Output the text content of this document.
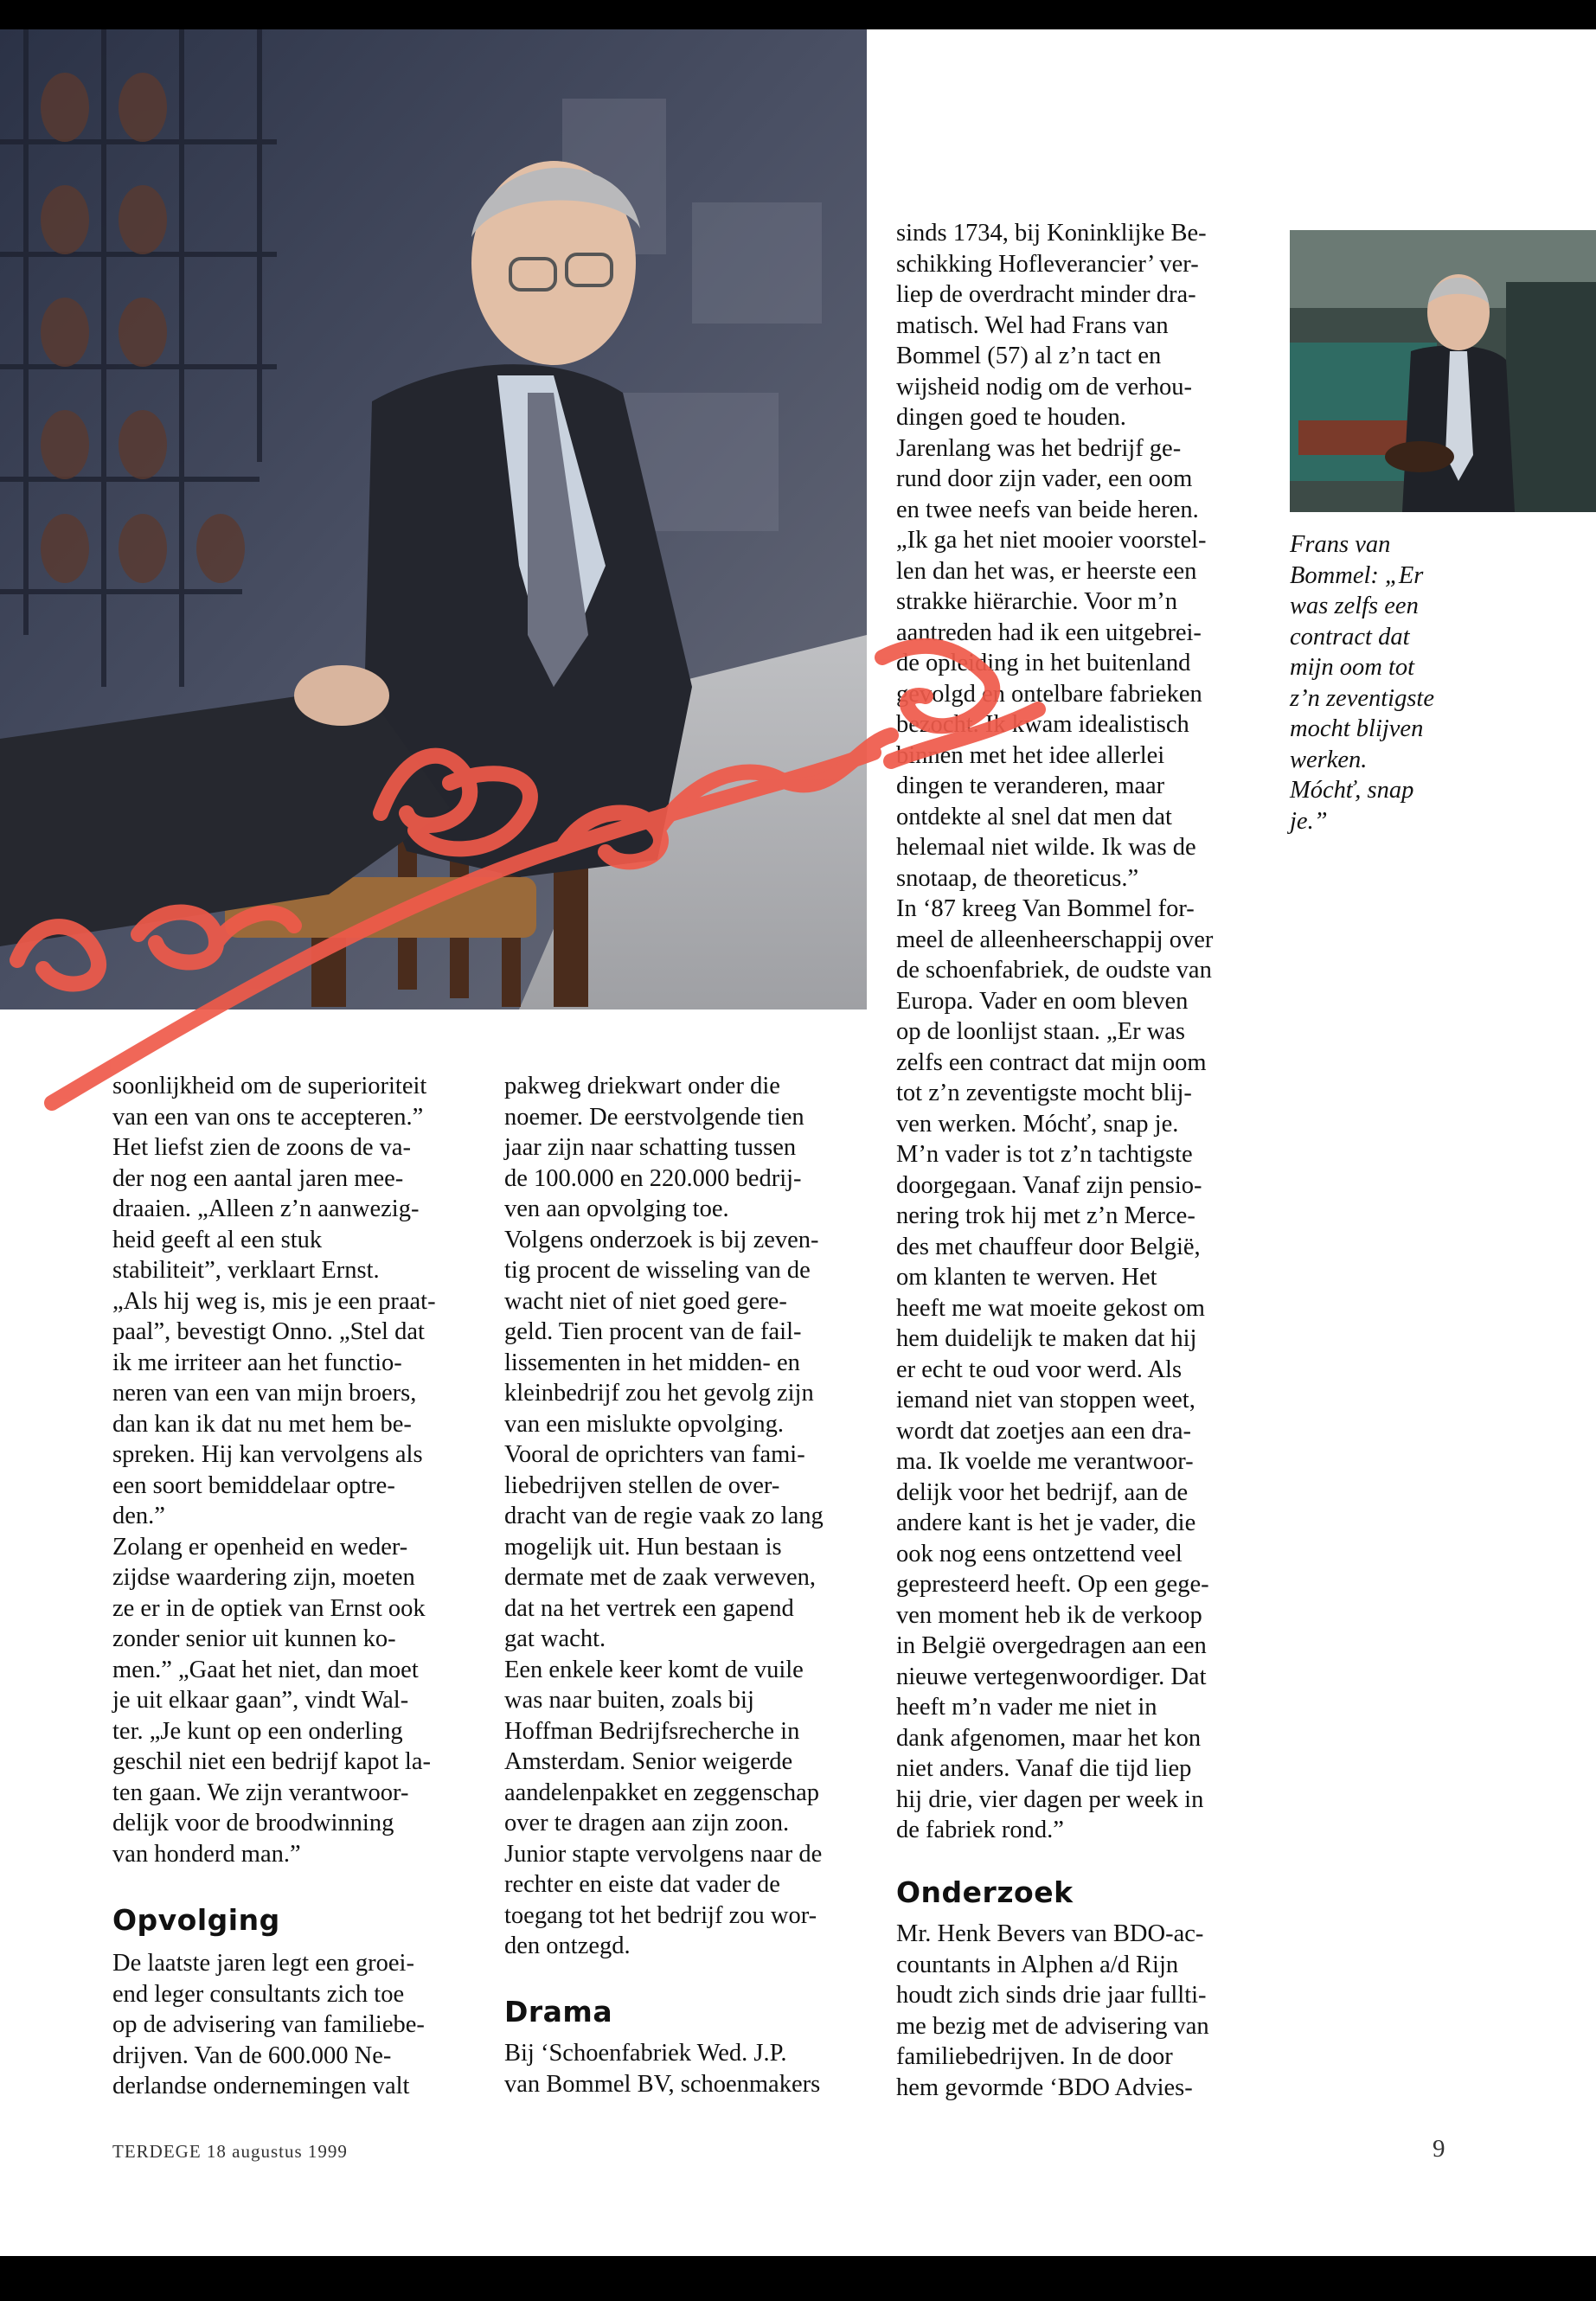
Frans van

Bommel: „Er

was zelfs een

contract dat

mijn oom tot

z’n zeventigste

mocht blijven

werken.

Móchť, snap

je.”

soonlijkheid om de superioriteit

van een van ons te accepteren.”

Het liefst zien de zoons de va-

der nog een aantal jaren mee-

draaien. „Alleen z’n aanwezig-

heid geeft al een stuk

stabiliteit”, verklaart Ernst.

„Als hij weg is, mis je een praat-

paal”, bevestigt Onno. „Stel dat

ik me irriteer aan het functio-

neren van een van mijn broers,

dan kan ik dat nu met hem be-

spreken. Hij kan vervolgens als

een soort bemiddelaar optre-

den.”

Zolang er openheid en weder-

zijdse waardering zijn, moeten

ze er in de optiek van Ernst ook

zonder senior uit kunnen ko-

men.” „Gaat het niet, dan moet

je uit elkaar gaan”, vindt Wal-

ter. „Je kunt op een onderling

geschil niet een bedrijf kapot la-

ten gaan. We zijn verantwoor-

delijk voor de broodwinning

van honderd man.”

Opvolging

De laatste jaren legt een groei-

end leger consultants zich toe

op de advisering van familiebe-

drijven. Van de 600.000 Ne-

derlandse ondernemingen valt

pakweg driekwart onder die

noemer. De eerstvolgende tien

jaar zijn naar schatting tussen

de 100.000 en 220.000 bedrij-

ven aan opvolging toe.

Volgens onderzoek is bij zeven-

tig procent de wisseling van de

wacht niet of niet goed gere-

geld. Tien procent van de fail-

lissementen in het midden- en

kleinbedrijf zou het gevolg zijn

van een mislukte opvolging.

Vooral de oprichters van fami-

liebedrijven stellen de over-

dracht van de regie vaak zo lang

mogelijk uit. Hun bestaan is

dermate met de zaak verweven,

dat na het vertrek een gapend

gat wacht.

Een enkele keer komt de vuile

was naar buiten, zoals bij

Hoffman Bedrijfsrecherche in

Amsterdam. Senior weigerde

aandelenpakket en zeggenschap

over te dragen aan zijn zoon.

Junior stapte vervolgens naar de

rechter en eiste dat vader de

toegang tot het bedrijf zou wor-

den ontzegd.

Drama

Bij ‘Schoenfabriek Wed. J.P.

van Bommel BV, schoenmakers

sinds 1734, bij Koninklijke Be-

schikking Hofleverancier’ ver-

liep de overdracht minder dra-

matisch. Wel had Frans van

Bommel (57) al z’n tact en

wijsheid nodig om de verhou-

dingen goed te houden.

Jarenlang was het bedrijf ge-

rund door zijn vader, een oom

en twee neefs van beide heren.

„Ik ga het niet mooier voorstel-

len dan het was, er heerste een

strakke hiërarchie. Voor m’n

aantreden had ik een uitgebrei-

de opleiding in het buitenland

gevolgd en ontelbare fabrieken

bezocht. Ik kwam idealistisch

binnen met het idee allerlei

dingen te veranderen, maar

ontdekte al snel dat men dat

helemaal niet wilde. Ik was de

snotaap, de theoreticus.”

In ‘87 kreeg Van Bommel for-

meel de alleenheerschappij over

de schoenfabriek, de oudste van

Europa. Vader en oom bleven

op de loonlijst staan. „Er was

zelfs een contract dat mijn oom

tot z’n zeventigste mocht blij-

ven werken. Móchť, snap je.

M’n vader is tot z’n tachtigste

doorgegaan. Vanaf zijn pensio-

nering trok hij met z’n Merce-

des met chauffeur door België,

om klanten te werven. Het

heeft me wat moeite gekost om

hem duidelijk te maken dat hij

er echt te oud voor werd. Als

iemand niet van stoppen weet,

wordt dat zoetjes aan een dra-

ma. Ik voelde me verantwoor-

delijk voor het bedrijf, aan de

andere kant is het je vader, die

ook nog eens ontzettend veel

gepresteerd heeft. Op een gege-

ven moment heb ik de verkoop

in België overgedragen aan een

nieuwe vertegenwoordiger. Dat

heeft m’n vader me niet in

dank afgenomen, maar het kon

niet anders. Vanaf die tijd liep

hij drie, vier dagen per week in

de fabriek rond.”

Onderzoek

Mr. Henk Bevers van BDO-ac-

countants in Alphen a/d Rijn

houdt zich sinds drie jaar fullti-

me bezig met de advisering van

familiebedrijven. In de door

hem gevormde ‘BDO Advies-

TERDEGE 18 augustus 1999	9
